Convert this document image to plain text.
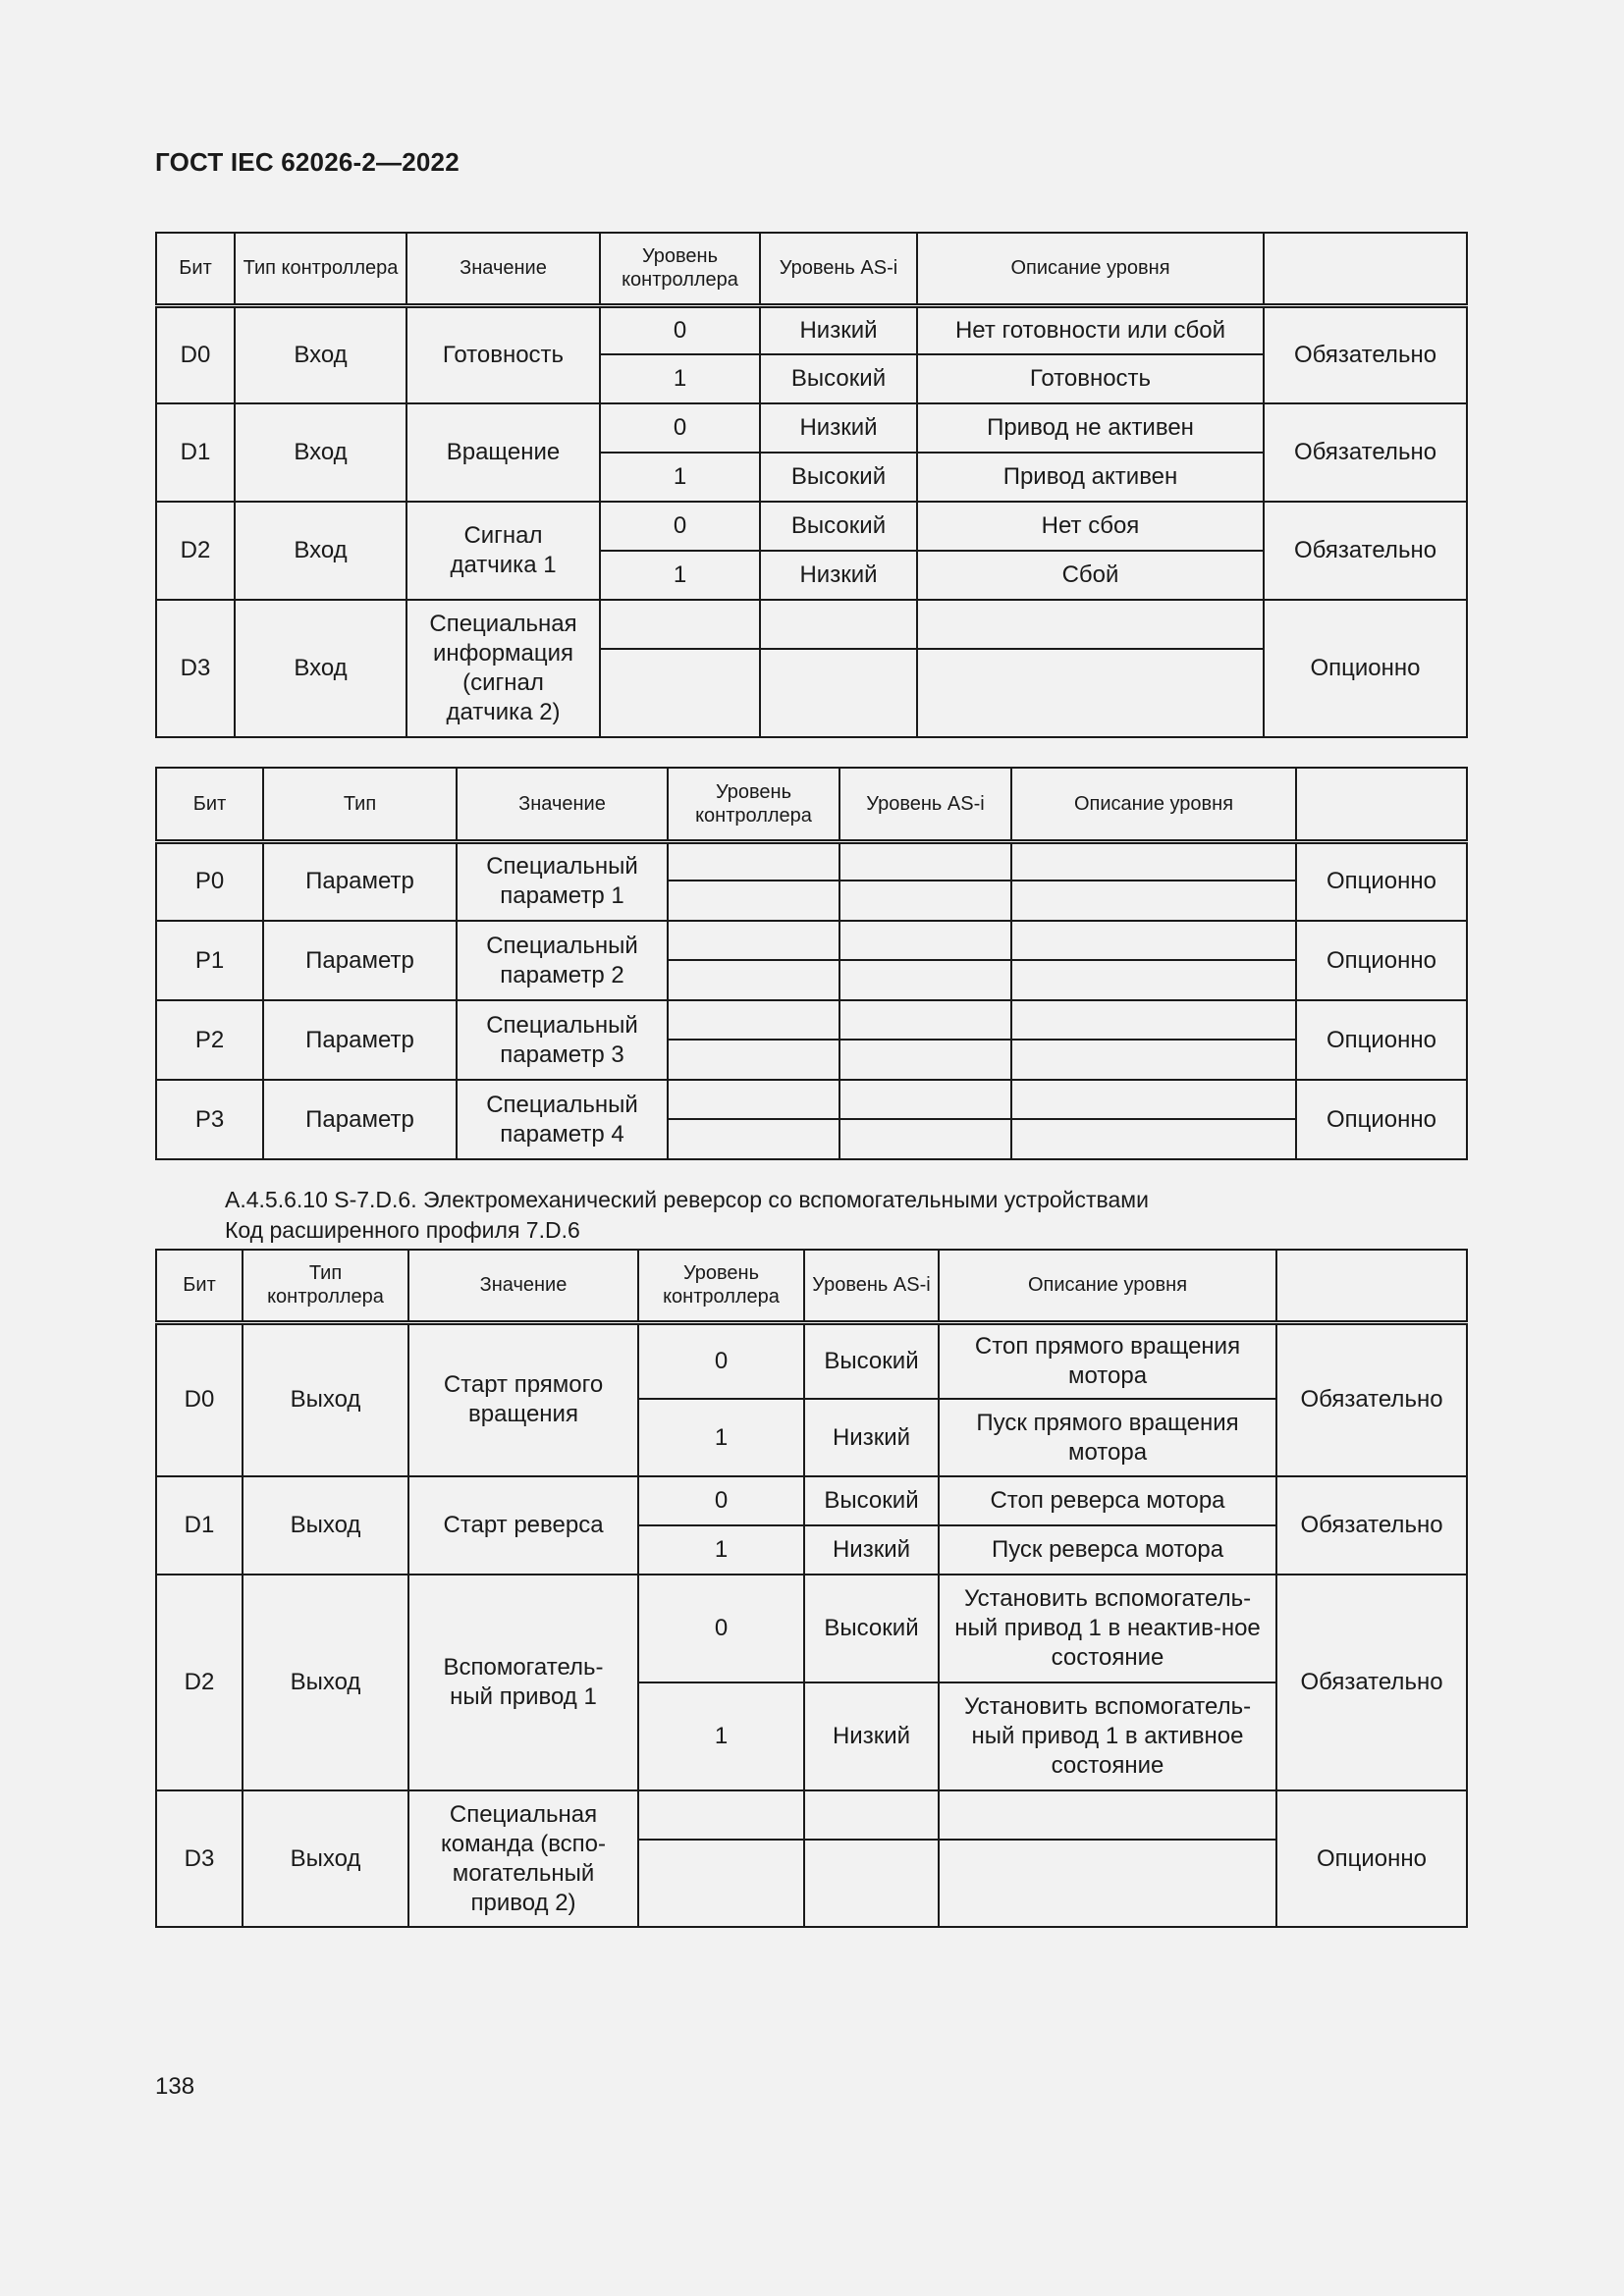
ГОСТ IEC 62026-2—2022
Бит	Тип контроллера	Значение	Уровень контроллера	Уровень AS-i	Описание уровня	
D0	Вход	Готовность	0	Низкий	Нет готовности или сбой	Обязательно
			1	Высокий	Готовность	
D1	Вход	Вращение	0	Низкий	Привод не активен	Обязательно
			1	Высокий	Привод активен	
D2	Вход	Сигнал датчика 1	0	Высокий	Нет сбоя	Обязательно
			1	Низкий	Сбой	
D3	Вход	Специальная информация (сигнал датчика 2)				Опционно

Бит	Тип	Значение	Уровень контроллера	Уровень AS-i	Описание уровня	
P0	Параметр	Специальный параметр 1				Опционно

P1	Параметр	Специальный параметр 2				Опционно

P2	Параметр	Специальный параметр 3				Опционно

P3	Параметр	Специальный параметр 4				Опционно

А.4.5.6.10 S-7.D.6. Электромеханический реверсор со вспомогательными устройствами
Код расширенного профиля 7.D.6
Бит	Тип контроллера	Значение	Уровень контроллера	Уровень AS-i	Описание уровня	
D0	Выход	Старт прямого вращения	0	Высокий	Стоп прямого вращения мотора	Обязательно
			1	Низкий	Пуск прямого вращения мотора	
D1	Выход	Старт реверса	0	Высокий	Стоп реверса мотора	Обязательно
			1	Низкий	Пуск реверса мотора	
D2	Выход	Вспомогатель-ный привод 1	0	Высокий	Установить вспомогатель-ный привод 1 в неактив-ное состояние	Обязательно
			1	Низкий	Установить вспомогатель-ный привод 1 в активное состояние	
D3	Выход	Специальная команда (вспо-могательный привод 2)				Опционно

138
